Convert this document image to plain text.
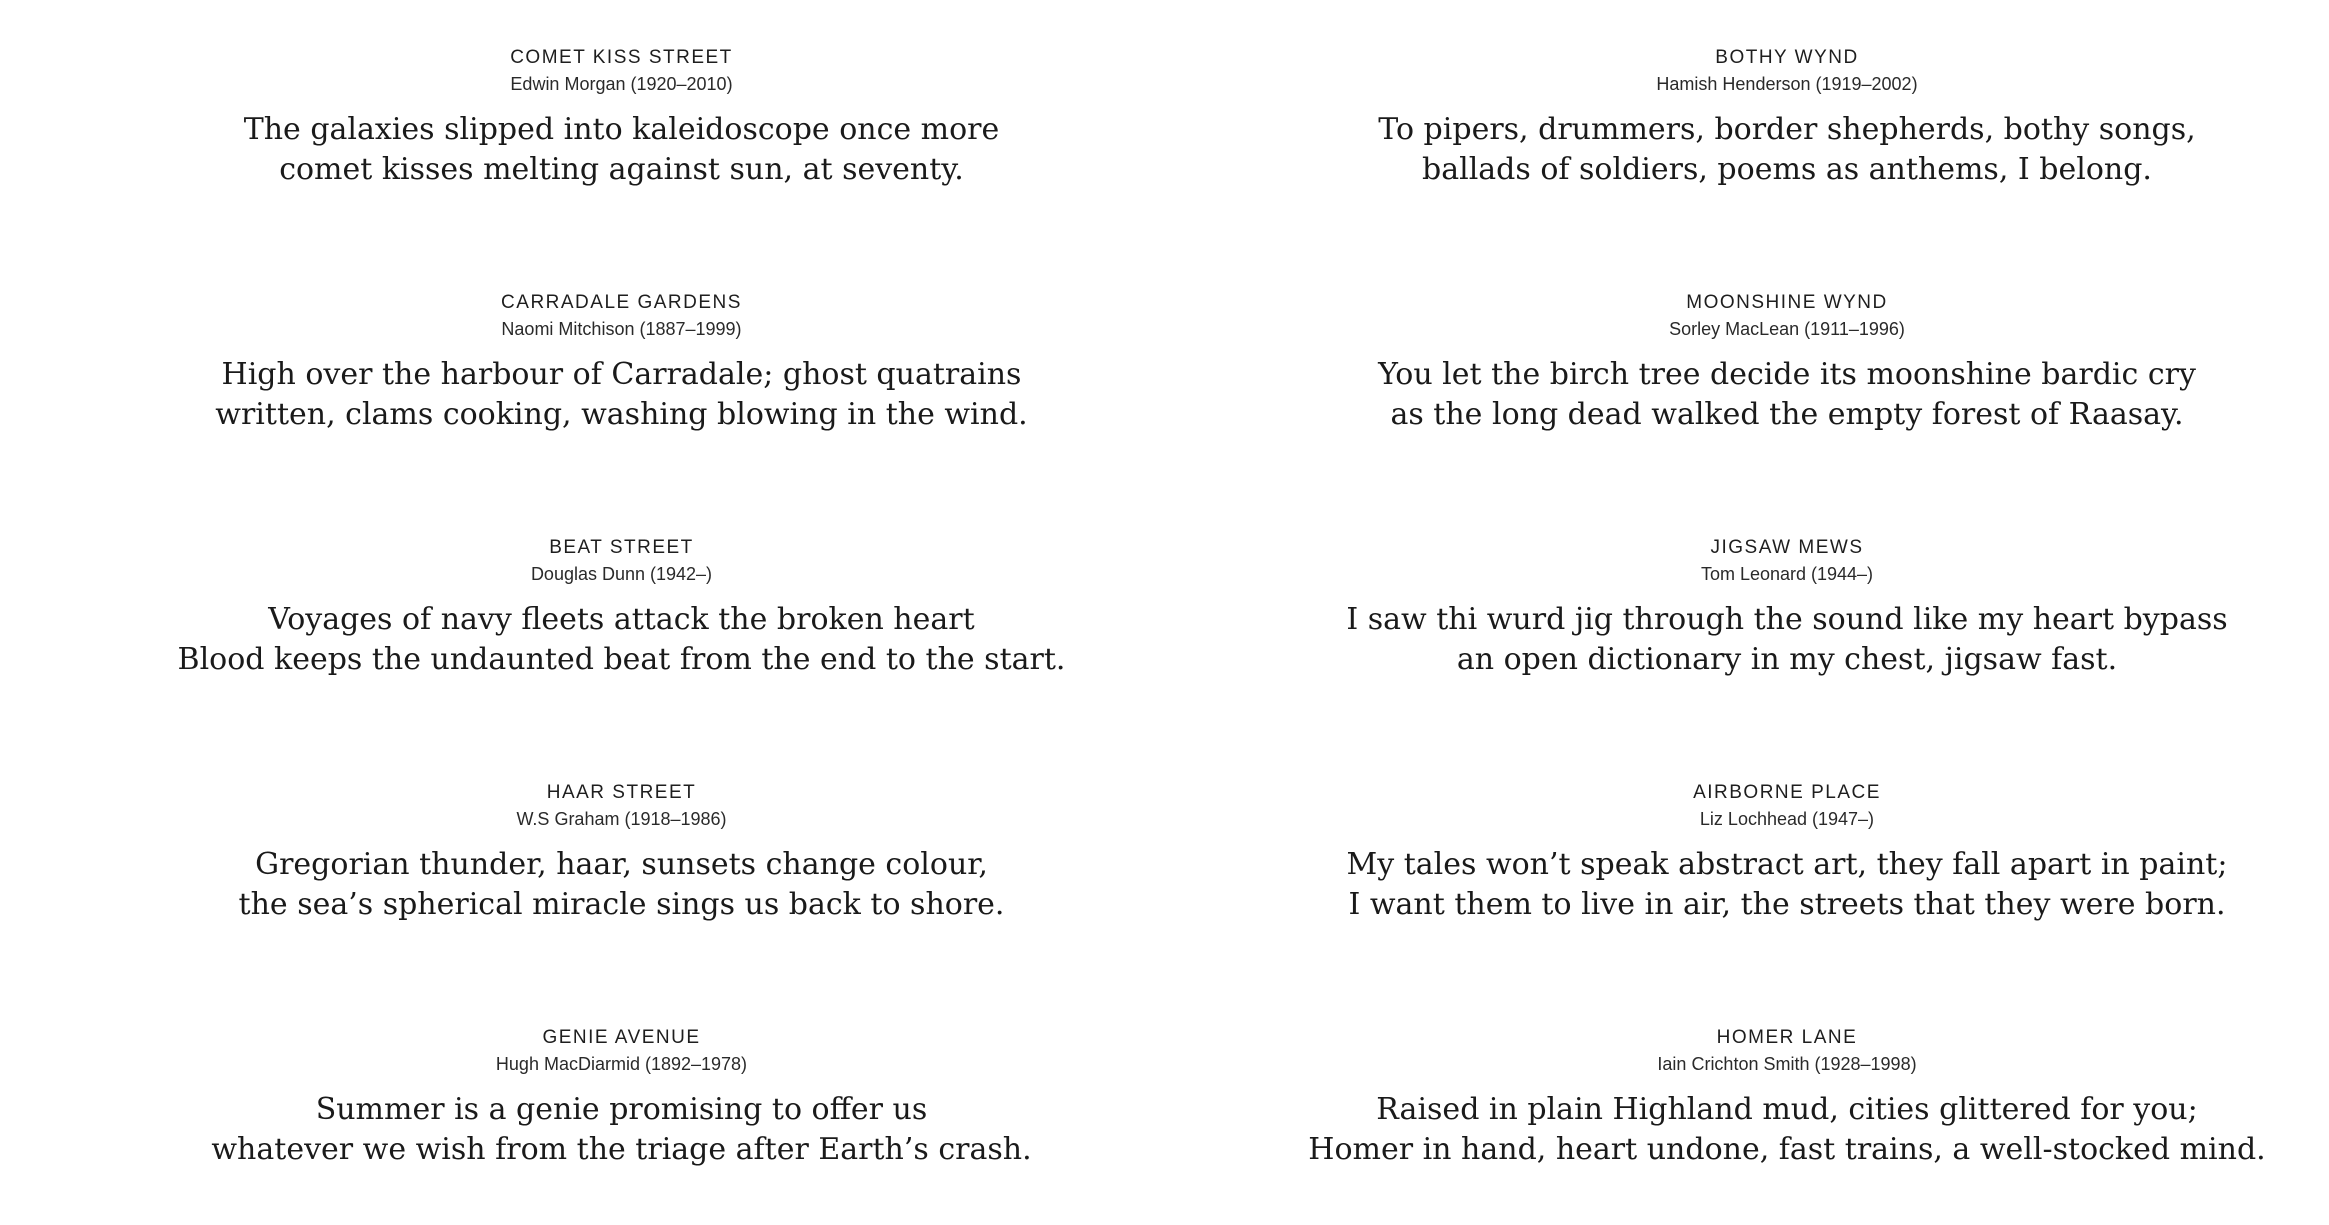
COMET KISS STREET
Edwin Morgan (1920–2010)
The galaxies slipped into kaleidoscope once more
comet kisses melting against sun, at seventy.
BOTHY WYND
Hamish Henderson (1919–2002)
To pipers, drummers, border shepherds, bothy songs,
ballads of soldiers, poems as anthems, I belong.
CARRADALE GARDENS
Naomi Mitchison (1887–1999)
High over the harbour of Carradale; ghost quatrains
written, clams cooking, washing blowing in the wind.
MOONSHINE WYND
Sorley MacLean (1911–1996)
You let the birch tree decide its moonshine bardic cry
as the long dead walked the empty forest of Raasay.
BEAT STREET
Douglas Dunn (1942–)
Voyages of navy fleets attack the broken heart
Blood keeps the undaunted beat from the end to the start.
JIGSAW MEWS
Tom Leonard (1944–)
I saw thi wurd jig through the sound like my heart bypass
an open dictionary in my chest, jigsaw fast.
HAAR STREET
W.S Graham (1918–1986)
Gregorian thunder, haar, sunsets change colour,
the sea’s spherical miracle sings us back to shore.
AIRBORNE PLACE
Liz Lochhead (1947–)
My tales won’t speak abstract art, they fall apart in paint;
I want them to live in air, the streets that they were born.
GENIE AVENUE
Hugh MacDiarmid (1892–1978)
Summer is a genie promising to offer us
whatever we wish from the triage after Earth’s crash.
HOMER LANE
Iain Crichton Smith (1928–1998)
Raised in plain Highland mud, cities glittered for you;
Homer in hand, heart undone, fast trains, a well-stocked mind.
